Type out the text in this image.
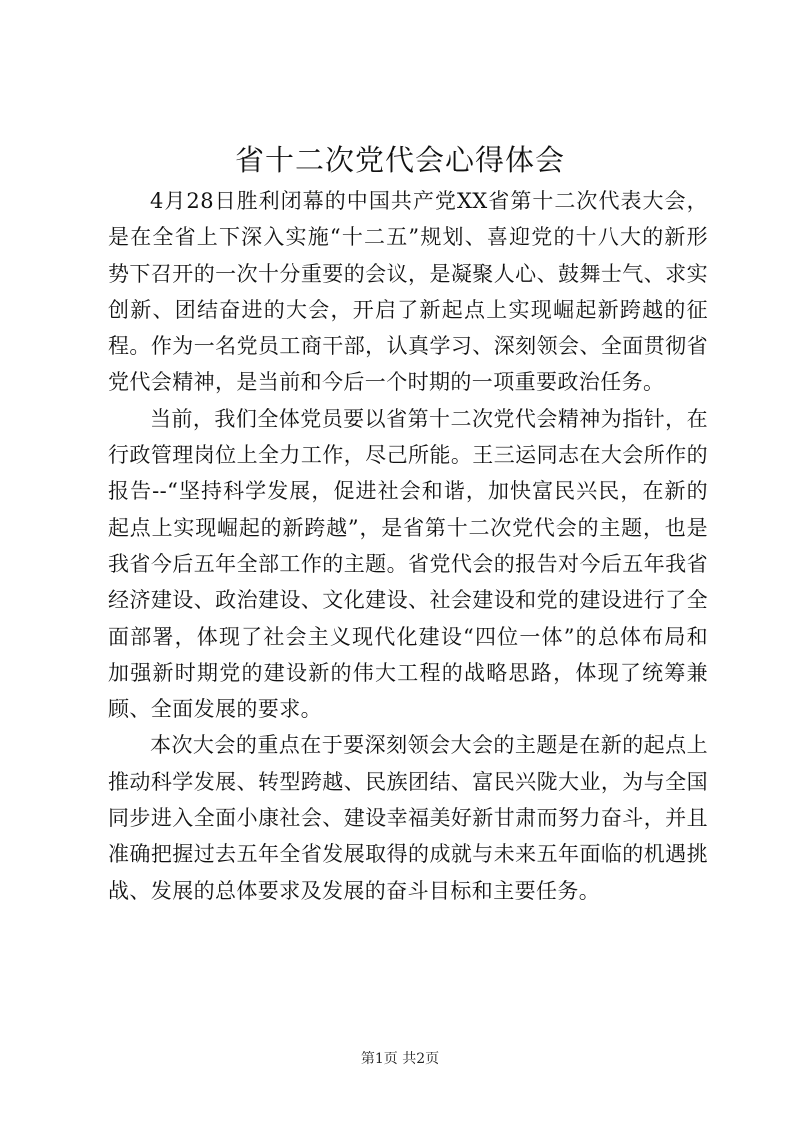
省十二次党代会心得体会

4月28日胜利闭幕的中国共产党XX省第十二次代表大会，是在全省上下深入实施“十二五”规划、喜迎党的十八大的新形势下召开的一次十分重要的会议，是凝聚人心、鼓舞士气、求实创新、团结奋进的大会，开启了新起点上实现崛起新跨越的征程。作为一名党员工商干部，认真学习、深刻领会、全面贯彻省党代会精神，是当前和今后一个时期的一项重要政治任务。

当前，我们全体党员要以省第十二次党代会精神为指针，在行政管理岗位上全力工作，尽己所能。王三运同志在大会所作的报告--“坚持科学发展，促进社会和谐，加快富民兴民，在新的起点上实现崛起的新跨越”，是省第十二次党代会的主题，也是我省今后五年全部工作的主题。省党代会的报告对今后五年我省经济建设、政治建设、文化建设、社会建设和党的建设进行了全面部署，体现了社会主义现代化建设“四位一体”的总体布局和加强新时期党的建设新的伟大工程的战略思路，体现了统筹兼顾、全面发展的要求。

本次大会的重点在于要深刻领会大会的主题是在新的起点上推动科学发展、转型跨越、民族团结、富民兴陇大业，为与全国同步进入全面小康社会、建设幸福美好新甘肃而努力奋斗，并且准确把握过去五年全省发展取得的成就与未来五年面临的机遇挑战、发展的总体要求及发展的奋斗目标和主要任务。

第1页 共2页
